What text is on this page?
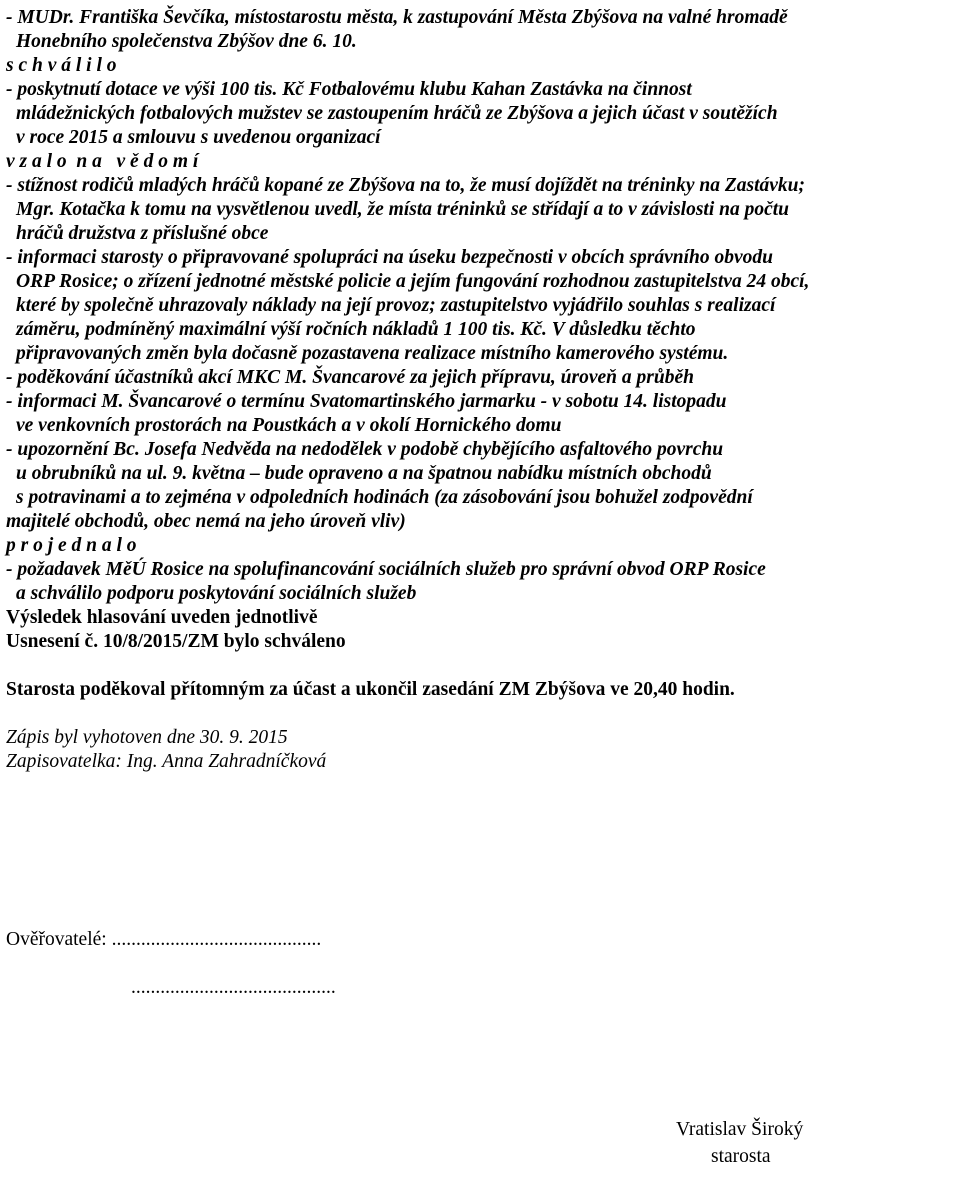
- MUDr. Františka Ševčíka, místostarostu města, k zastupování Města Zbýšova na valné hromadě

Honebního společenstva Zbýšov dne 6. 10.

s c h v á l i l o

- poskytnutí dotace ve výši 100 tis. Kč Fotbalovému klubu Kahan Zastávka na činnost

mládežnických fotbalových mužstev se zastoupením hráčů ze Zbýšova a jejich účast v soutěžích

v roce 2015 a smlouvu s uvedenou organizací

v z a l o  n a   v ě d o m í

- stížnost rodičů mladých hráčů kopané ze Zbýšova na to, že musí dojíždět na tréninky na Zastávku;

Mgr. Kotačka k tomu na vysvětlenou uvedl, že místa tréninků se střídají a to v závislosti na počtu

hráčů družstva z příslušné obce

- informaci starosty o připravované spolupráci na úseku bezpečnosti v obcích správního obvodu

ORP Rosice; o zřízení jednotné městské policie a jejím fungování rozhodnou zastupitelstva 24 obcí,

které by společně uhrazovaly náklady na její provoz; zastupitelstvo vyjádřilo souhlas s realizací

záměru, podmíněný maximální výší ročních nákladů 1 100 tis. Kč. V důsledku těchto

připravovaných změn byla dočasně pozastavena realizace místního kamerového systému.

- poděkování účastníků akcí MKC M. Švancarové za jejich přípravu, úroveň a průběh

- informaci M. Švancarové o termínu Svatomartinského jarmarku - v sobotu 14. listopadu

ve venkovních prostorách na Poustkách a v okolí Hornického domu

- upozornění Bc. Josefa Nedvěda na nedodělek v podobě chybějícího asfaltového povrchu

u obrubníků na ul. 9. května – bude opraveno a na špatnou nabídku místních obchodů

s potravinami a to zejména v odpoledních hodinách (za zásobování jsou bohužel zodpovědní

majitelé obchodů, obec nemá na jeho úroveň vliv)

p r o j e d n a l o

- požadavek MěÚ Rosice na spolufinancování sociálních služeb pro správní obvod ORP Rosice

a schválilo podporu poskytování sociálních služeb

Výsledek hlasování uveden jednotlivě

Usnesení č. 10/8/2015/ZM bylo schváleno

Starosta poděkoval přítomným za účast a ukončil zasedání ZM Zbýšova ve 20,40 hodin.

Zápis byl vyhotoven dne 30. 9. 2015

Zapisovatelka: Ing. Anna Zahradníčková

Ověřovatelé: ...........................................

..........................................

Vratislav Široký

starosta
